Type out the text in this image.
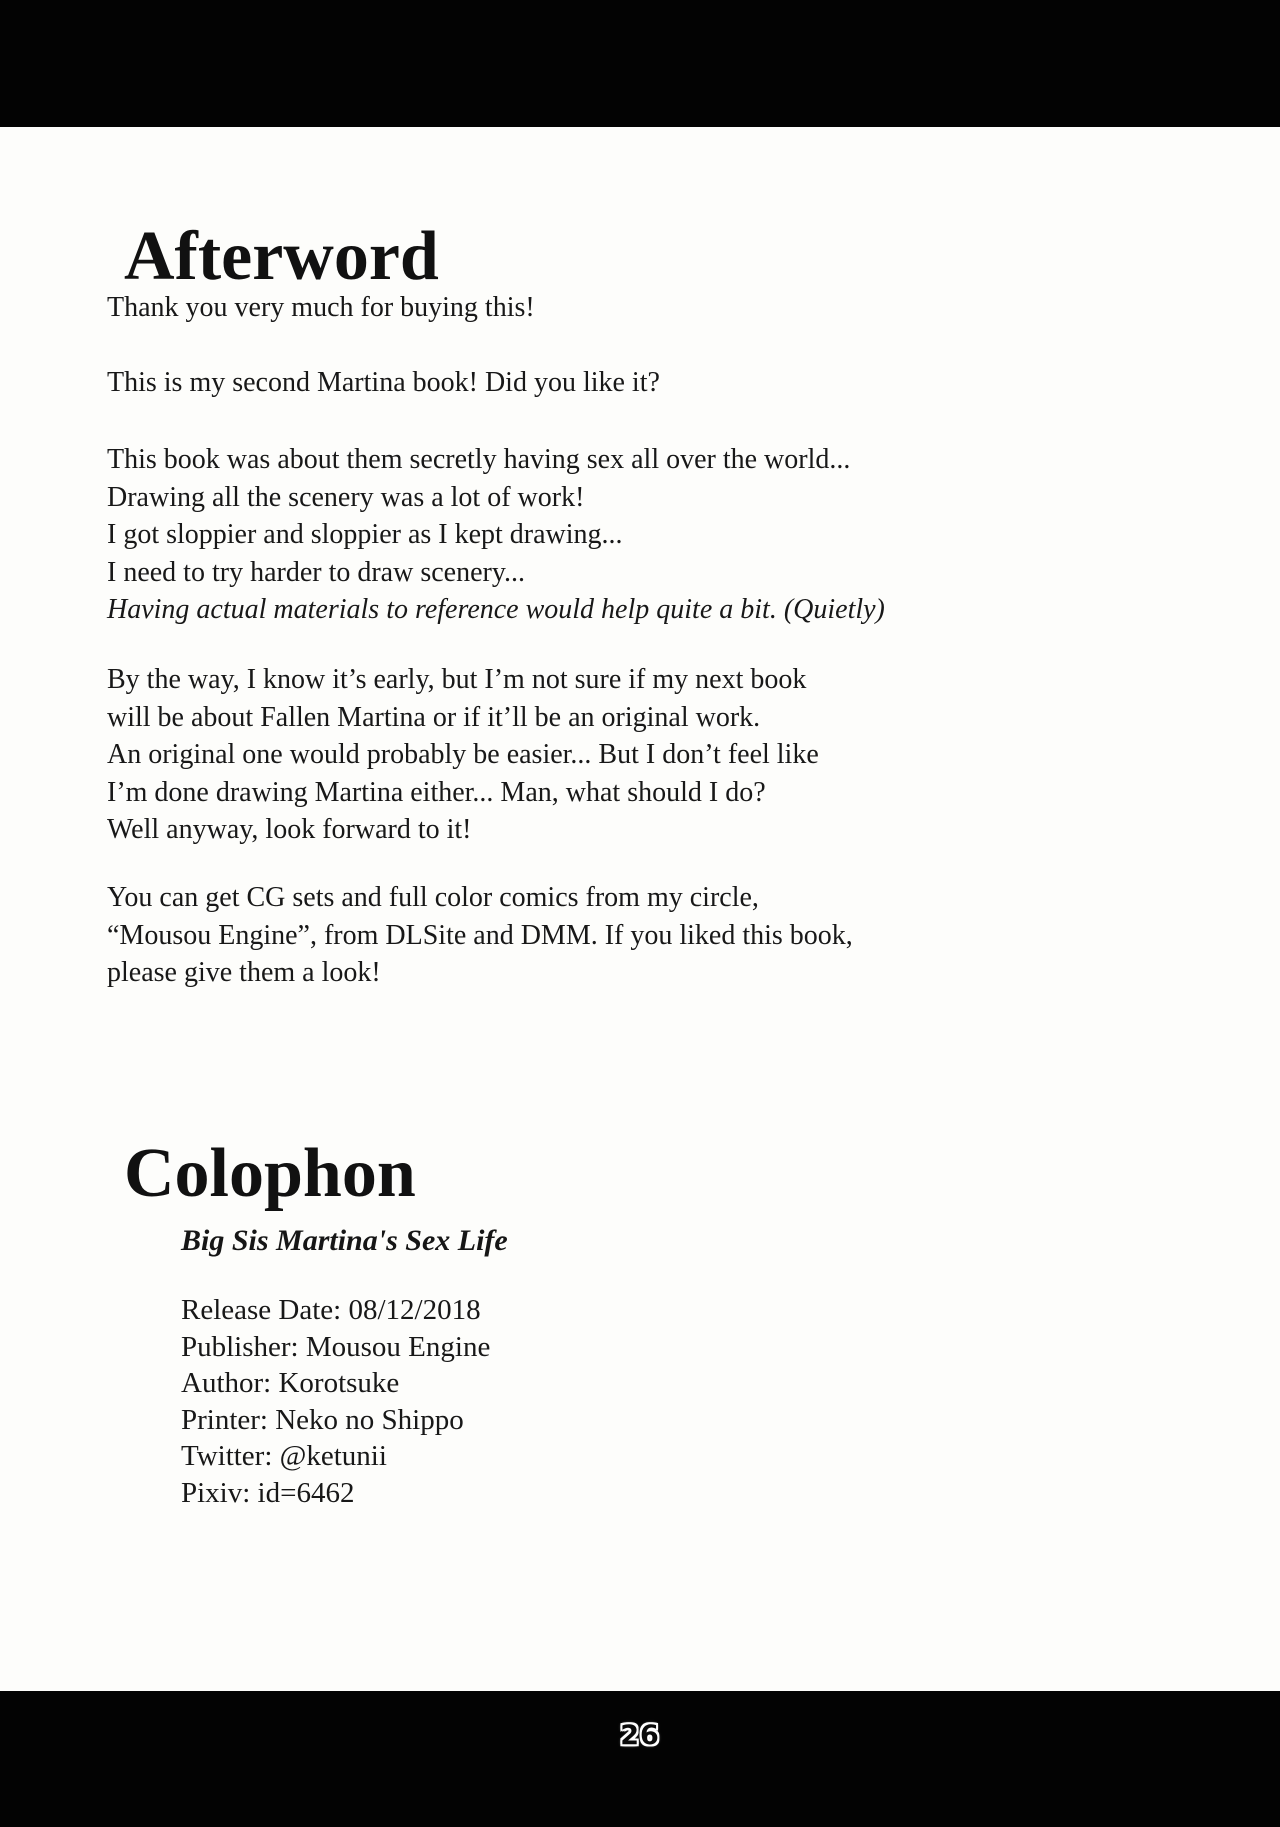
Afterword
Thank you very much for buying this!
This is my second Martina book! Did you like it?
This book was about them secretly having sex all over the world...
Drawing all the scenery was a lot of work!
I got sloppier and sloppier as I kept drawing...
I need to try harder to draw scenery...
Having actual materials to reference would help quite a bit. (Quietly)
By the way, I know it’s early, but I’m not sure if my next book
will be about Fallen Martina or if it’ll be an original work.
An original one would probably be easier... But I don’t feel like
I’m done drawing Martina either... Man, what should I do?
Well anyway, look forward to it!
You can get CG sets and full color comics from my circle,
“Mousou Engine”, from DLSite and DMM. If you liked this book,
please give them a look!
Colophon
Big Sis Martina's Sex Life
Release Date: 08/12/2018
Publisher: Mousou Engine
Author: Korotsuke
Printer: Neko no Shippo
Twitter: @ketunii
Pixiv: id=6462
26
